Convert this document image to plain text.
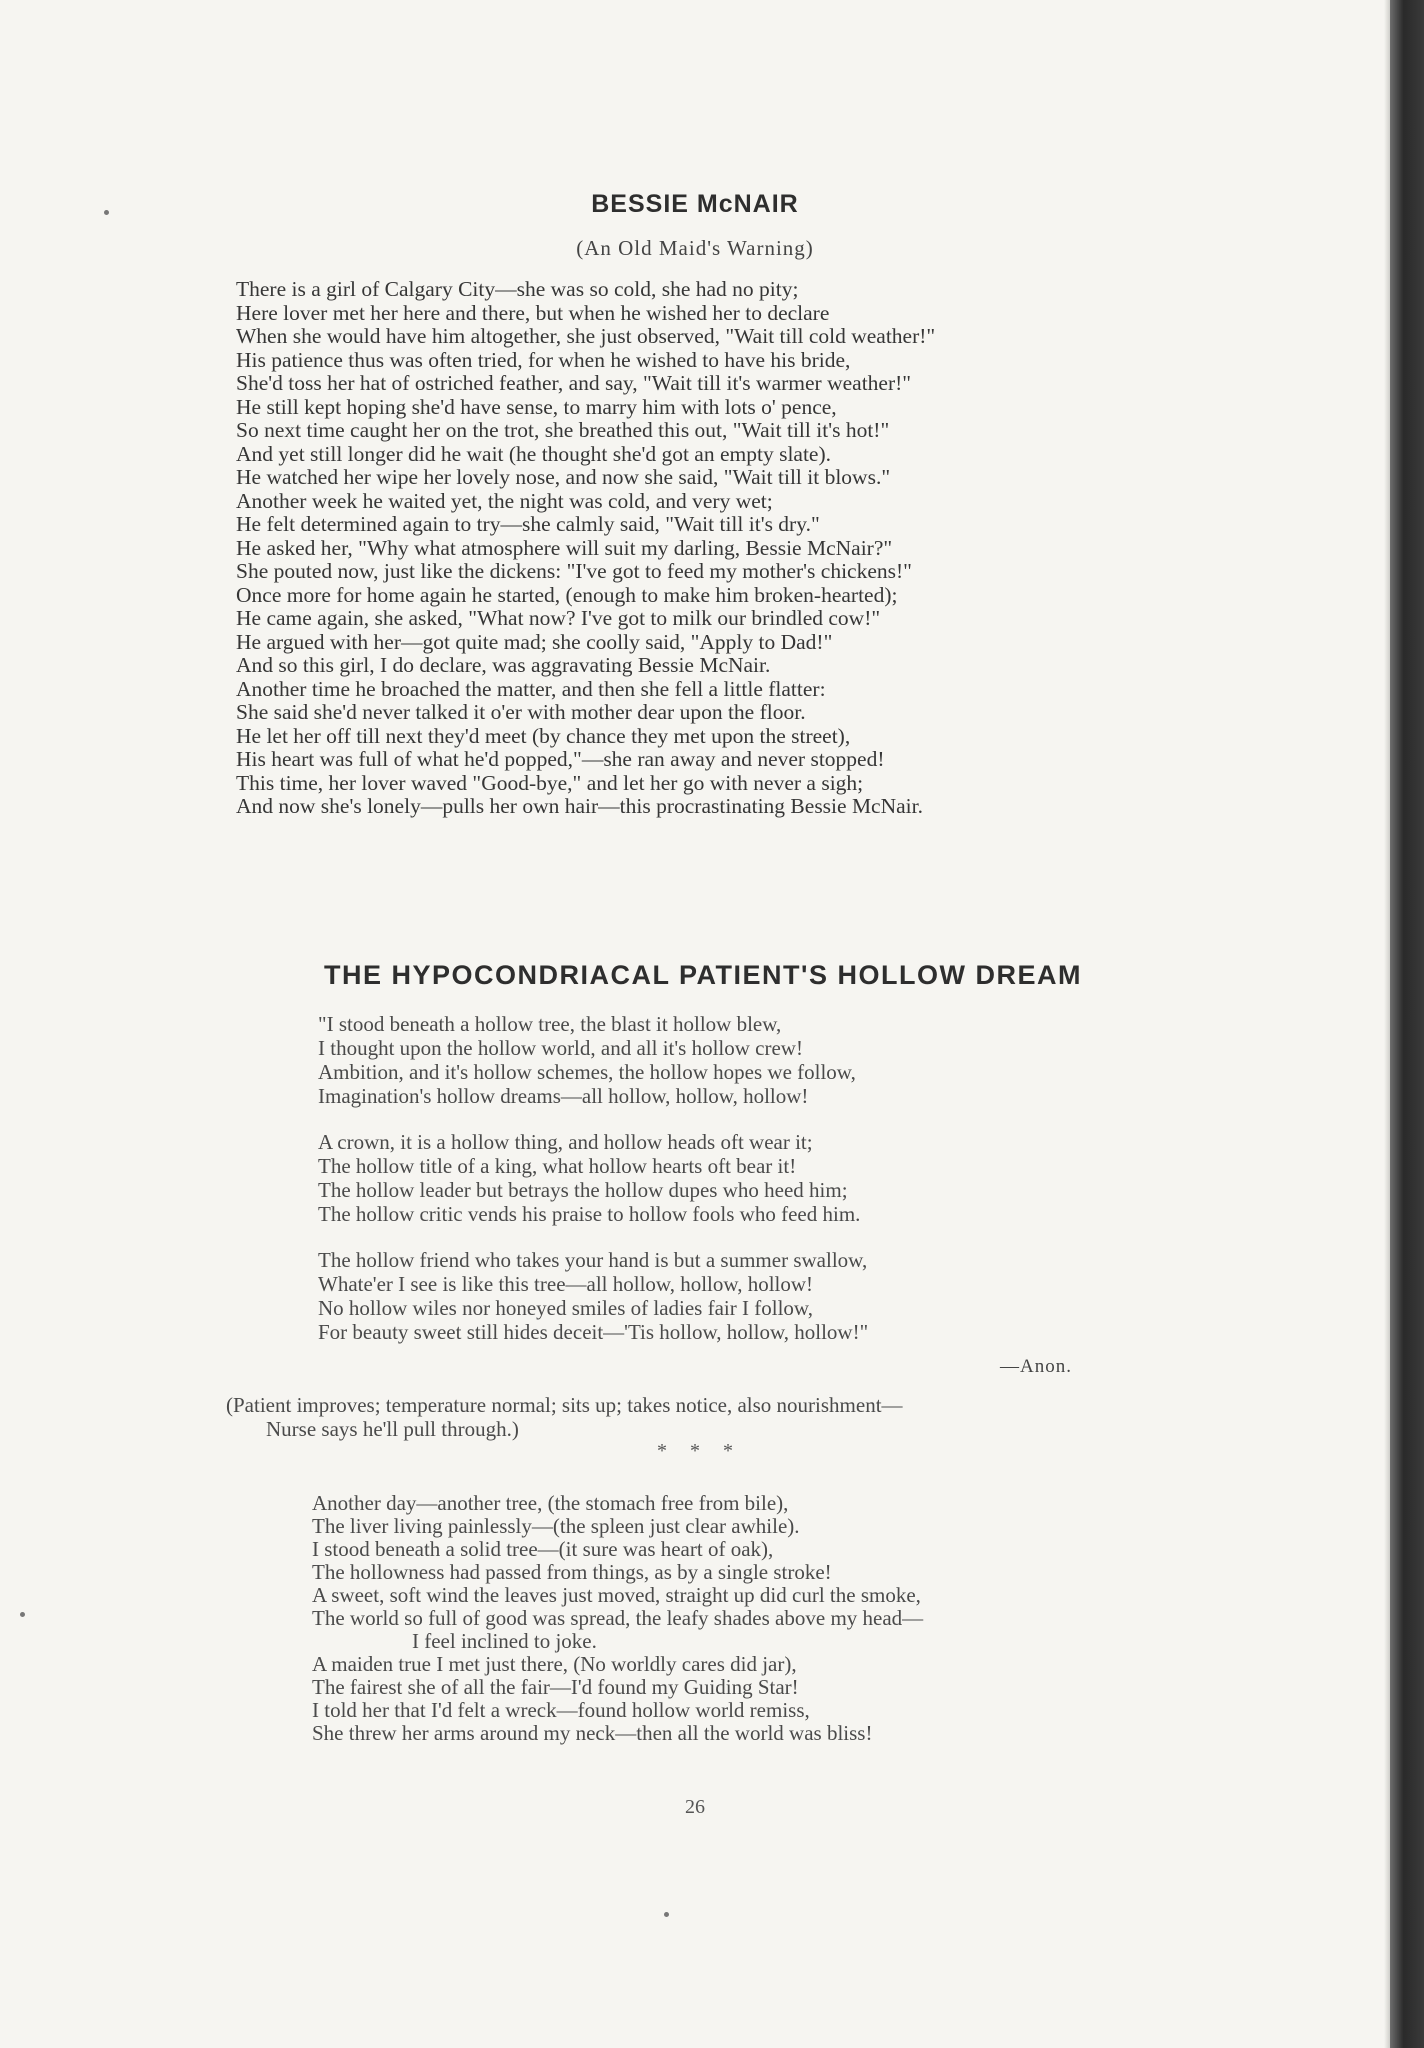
BESSIE McNAIR
(An Old Maid's Warning)
There is a girl of Calgary City—she was so cold, she had no pity;
Here lover met her here and there, but when he wished her to declare
When she would have him altogether, she just observed, "Wait till cold weather!"
His patience thus was often tried, for when he wished to have his bride,
She'd toss her hat of ostriched feather, and say, "Wait till it's warmer weather!"
He still kept hoping she'd have sense, to marry him with lots o' pence,
So next time caught her on the trot, she breathed this out, "Wait till it's hot!"
And yet still longer did he wait (he thought she'd got an empty slate).
He watched her wipe her lovely nose, and now she said, "Wait till it blows."
Another week he waited yet, the night was cold, and very wet;
He felt determined again to try—she calmly said, "Wait till it's dry."
He asked her, "Why what atmosphere will suit my darling, Bessie McNair?"
She pouted now, just like the dickens: "I've got to feed my mother's chickens!"
Once more for home again he started, (enough to make him broken-hearted);
He came again, she asked, "What now? I've got to milk our brindled cow!"
He argued with her—got quite mad; she coolly said, "Apply to Dad!"
And so this girl, I do declare, was aggravating Bessie McNair.
Another time he broached the matter, and then she fell a little flatter:
She said she'd never talked it o'er with mother dear upon the floor.
He let her off till next they'd meet (by chance they met upon the street),
His heart was full of what he'd popped,"—she ran away and never stopped!
This time, her lover waved "Good-bye," and let her go with never a sigh;
And now she's lonely—pulls her own hair—this procrastinating Bessie McNair.
THE HYPOCONDRIACAL PATIENT'S HOLLOW DREAM
"I stood beneath a hollow tree, the blast it hollow blew,
I thought upon the hollow world, and all it's hollow crew!
Ambition, and it's hollow schemes, the hollow hopes we follow,
Imagination's hollow dreams—all hollow, hollow, hollow!
A crown, it is a hollow thing, and hollow heads oft wear it;
The hollow title of a king, what hollow hearts oft bear it!
The hollow leader but betrays the hollow dupes who heed him;
The hollow critic vends his praise to hollow fools who feed him.
The hollow friend who takes your hand is but a summer swallow,
Whate'er I see is like this tree—all hollow, hollow, hollow!
No hollow wiles nor honeyed smiles of ladies fair I follow,
For beauty sweet still hides deceit—'Tis hollow, hollow, hollow!"
—Anon.
(Patient improves; temperature normal; sits up; takes notice, also nourishment—
Nurse says he'll pull through.)
* * *
Another day—another tree, (the stomach free from bile),
The liver living painlessly—(the spleen just clear awhile).
I stood beneath a solid tree—(it sure was heart of oak),
The hollowness had passed from things, as by a single stroke!
A sweet, soft wind the leaves just moved, straight up did curl the smoke,
The world so full of good was spread, the leafy shades above my head—
I feel inclined to joke.
A maiden true I met just there, (No worldly cares did jar),
The fairest she of all the fair—I'd found my Guiding Star!
I told her that I'd felt a wreck—found hollow world remiss,
She threw her arms around my neck—then all the world was bliss!
26
